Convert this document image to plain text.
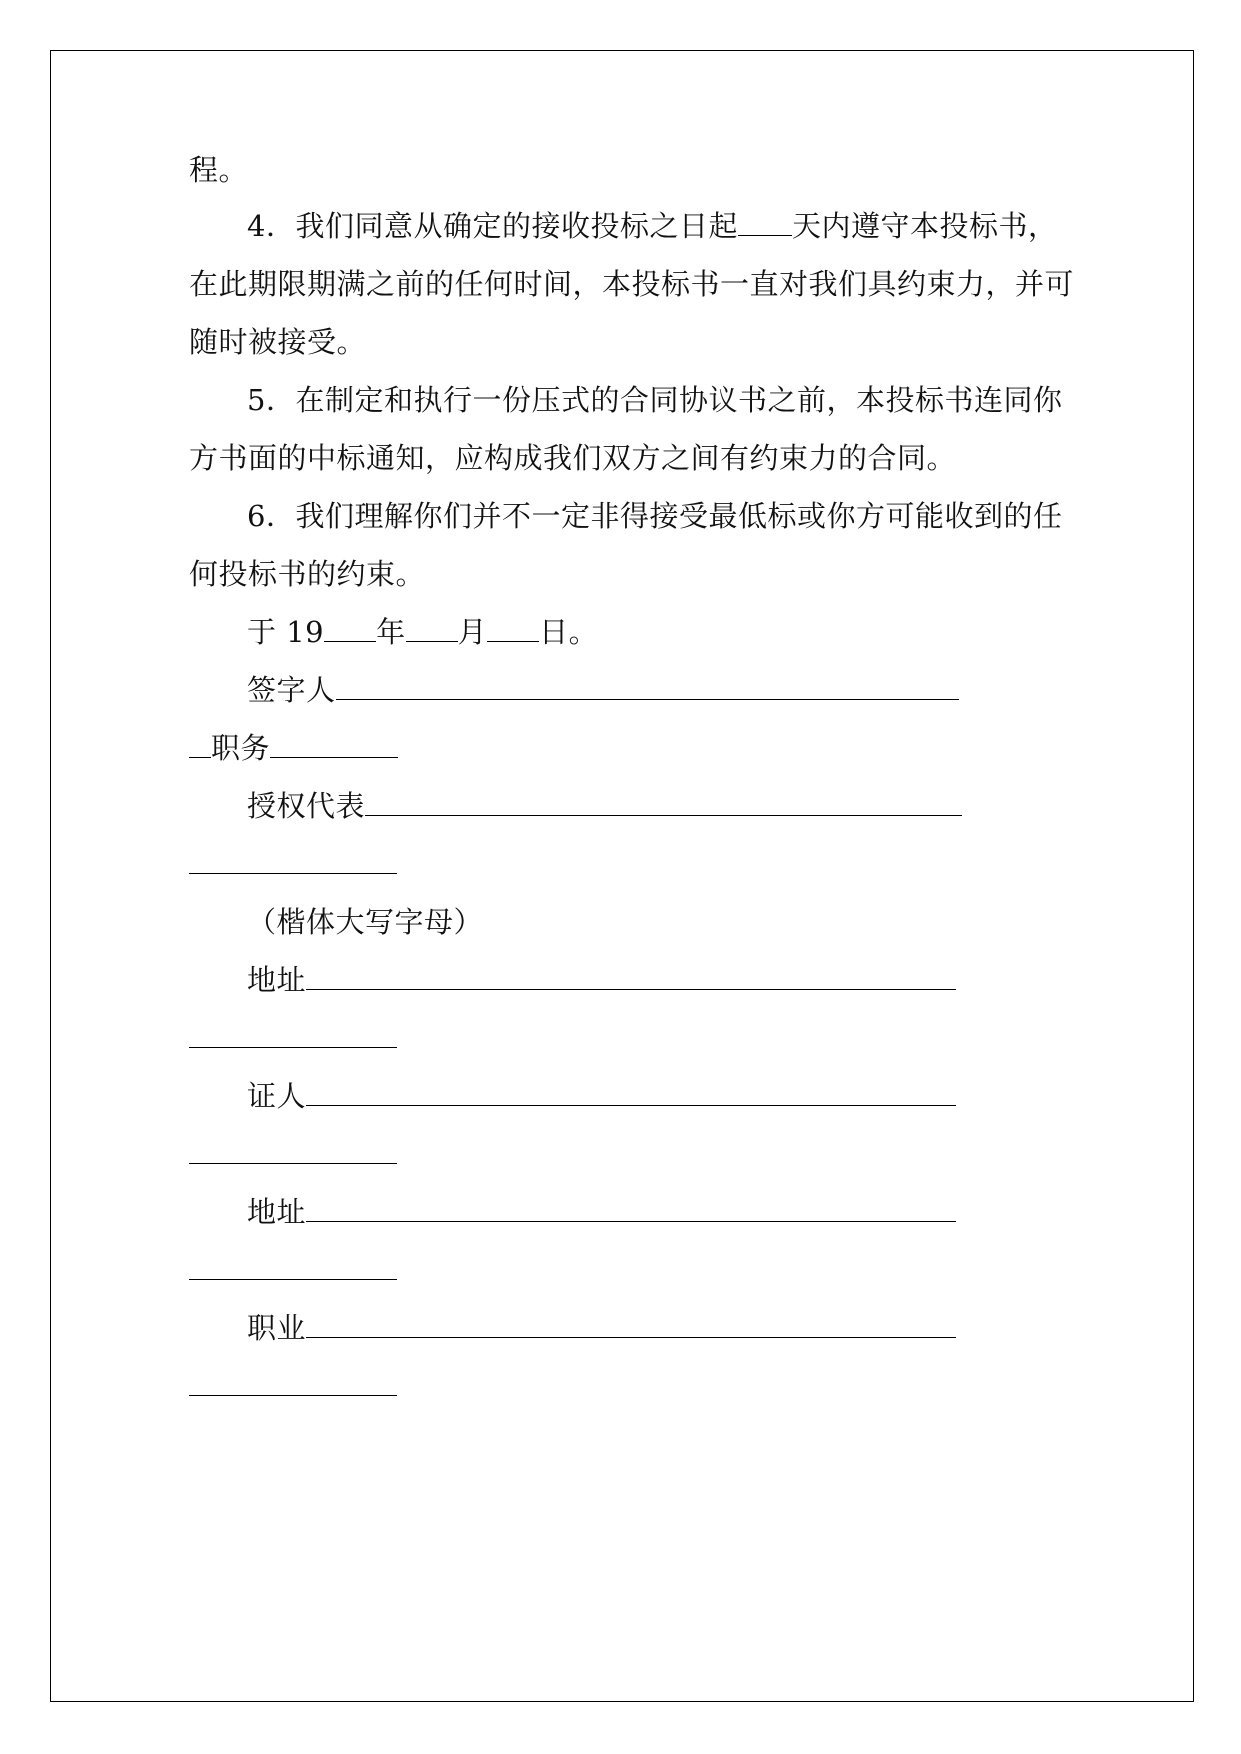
程。
4．我们同意从确定的接收投标之日起 天内遵守本投标书，
在此期限期满之前的任何时间，本投标书一直对我们具约束力，并可
随时被接受。
5．在制定和执行一份压式的合同协议书之前，本投标书连同你
方书面的中标通知，应构成我们双方之间有约束力的合同。
6．我们理解你们并不一定非得接受最低标或你方可能收到的任
何投标书的约束。
于 19 年 月 日。
签字人
职务
授权代表
（楷体大写字母）
地址
证人
地址
职业
